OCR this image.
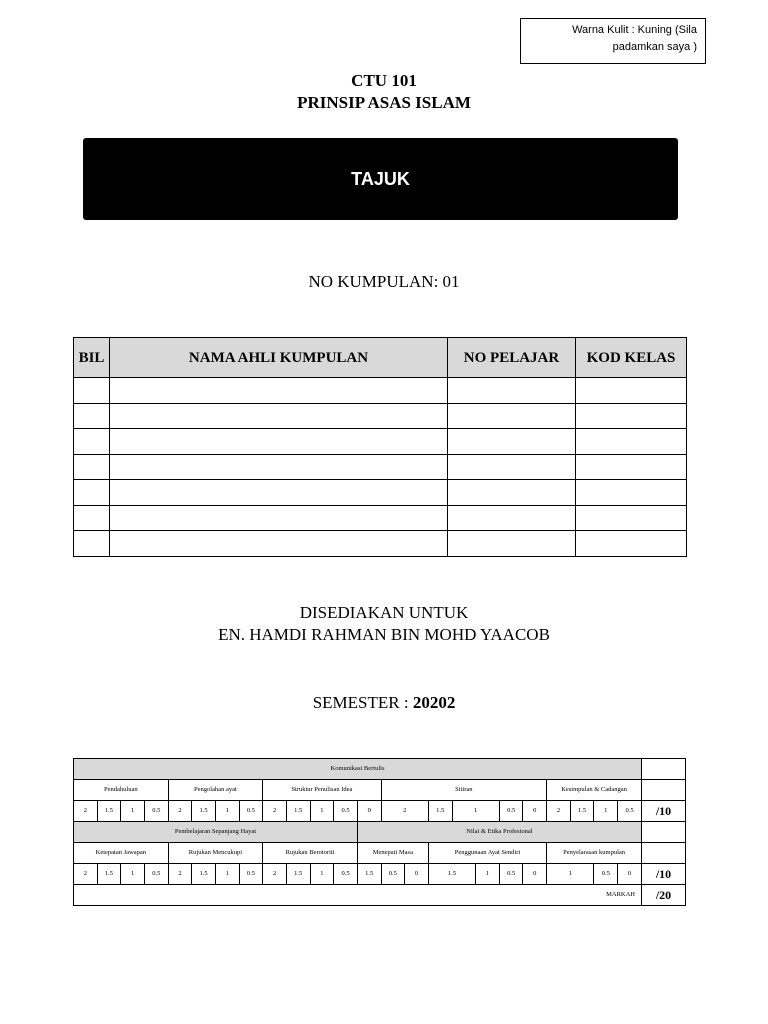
Warna Kulit : Kuning (Sila
padamkan saya )
CTU 101
PRINSIP ASAS ISLAM
TAJUK
NO KUMPULAN: 01
BIL	NAMA AHLI KUMPULAN	NO PELAJAR	KOD KELAS

DISEDIAKAN UNTUK
EN. HAMDI RAHMAN BIN MOHD YAACOB
SEMESTER : 20202
Komunikasi Bertulis																								
Pendahuluan				Pengolahan ayat				Struktur Penulisan Idea					Sitiran							Kesimpulan & Cadangan				
2	1.5	1	0.5	2	1.5	1	0.5	2	1.5	1	0.5	0	2		1.5	1		0.5	0	2	1.5	1	0.5	/10
Pembelajaran Sepanjang Hayat												Nilai & Etika Profesional												
Ketepatan Jawapan				Rujukan Mencukupi				Rujukan Berotoriti				Menepati Masa			Penggunaan Ayat Sendiri					Penyelarasan kumpulan				
2	1.5	1	0.5	2	1.5	1	0.5	2	1.5	1	0.5	1.5	0.5	0	1.5		1	0.5	0	1		0.5	0	/10
MARKAH																								/20
